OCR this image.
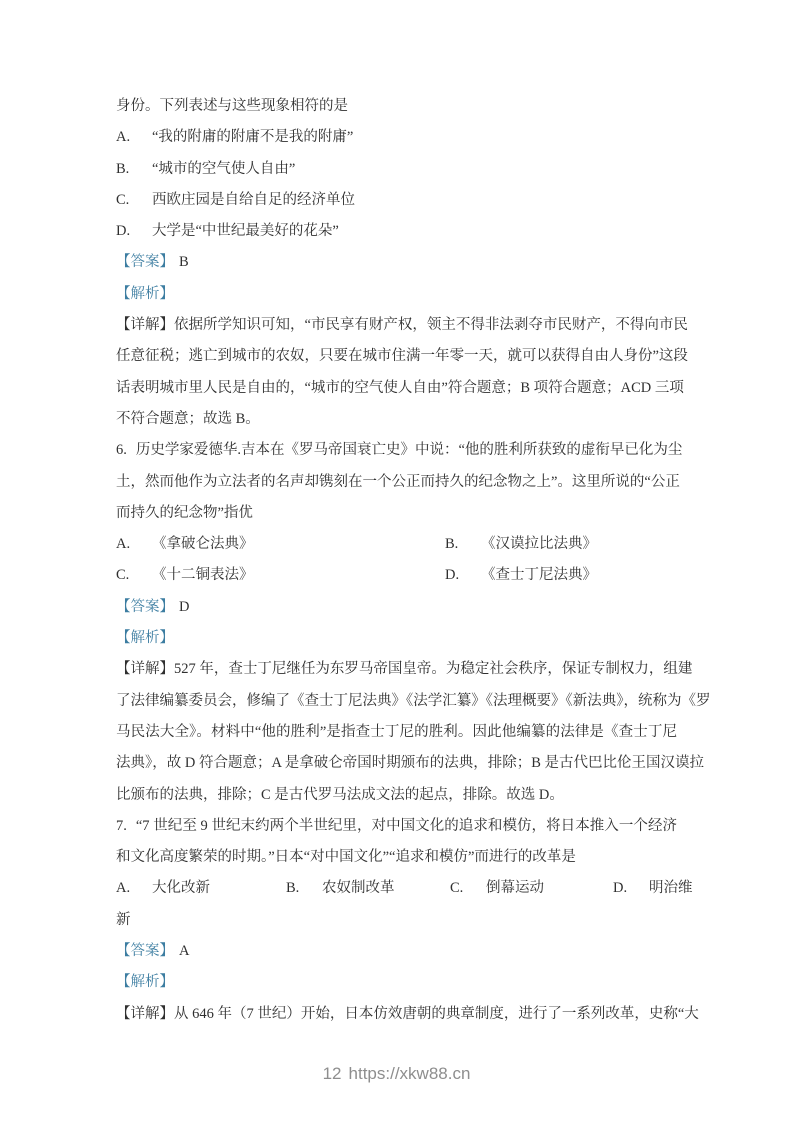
身份。下列表述与这些现象相符的是
A. “我的附庸的附庸不是我的附庸”
B. “城市的空气使人自由”
C. 西欧庄园是自给自足的经济单位
D. 大学是“中世纪最美好的花朵”
【答案】 B
【解析】
【详解】依据所学知识可知，“市民享有财产权，领主不得非法剥夺市民财产，不得向市民
任意征税；逃亡到城市的农奴，只要在城市住满一年零一天，就可以获得自由人身份”这段
话表明城市里人民是自由的，“城市的空气使人自由”符合题意；B 项符合题意；ACD 三项
不符合题意；故选 B。
6. 历史学家爱德华.吉本在《罗马帝国衰亡史》中说：“他的胜利所获致的虚衔早已化为尘
土，然而他作为立法者的名声却镌刻在一个公正而持久的纪念物之上”。这里所说的“公正
而持久的纪念物”指优
A. 《拿破仑法典》	B. 《汉谟拉比法典》
C. 《十二铜表法》	D. 《查士丁尼法典》
【答案】 D
【解析】
【详解】527 年，查士丁尼继任为东罗马帝国皇帝。为稳定社会秩序，保证专制权力，组建
了法律编纂委员会，修编了《查士丁尼法典》《法学汇纂》《法理概要》《新法典》，统称为《罗
马民法大全》。材料中“他的胜利”是指查士丁尼的胜利。因此他编纂的法律是《查士丁尼
法典》，故 D 符合题意；A 是拿破仑帝国时期颁布的法典，排除；B 是古代巴比伦王国汉谟拉
比颁布的法典，排除；C 是古代罗马法成文法的起点，排除。故选 D。
7. “7 世纪至 9 世纪末约两个半世纪里，对中国文化的追求和模仿，将日本推入一个经济
和文化高度繁荣的时期。”日本“对中国文化”“追求和模仿”而进行的改革是
A. 大化改新	B. 农奴制改革	C. 倒幕运动	D. 明治维
新
【答案】 A
【解析】
【详解】从 646 年（7 世纪）开始，日本仿效唐朝的典章制度，进行了一系列改革，史称“大
12 https://xkw88.cn
